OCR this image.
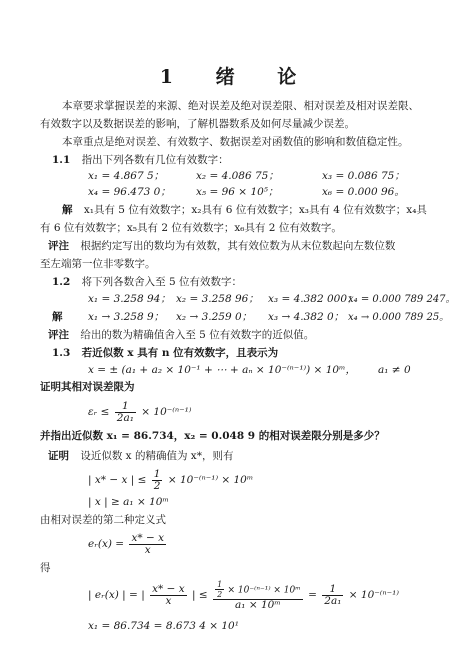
1 绪 论
本章要求掌握误差的来源、绝对误差及绝对误差限、相对误差及相对误差限、
有效数字以及数据误差的影响，了解机器数系及如何尽量减少误差。
本章重点是绝对误差、有效数字、数据误差对函数值的影响和数值稳定性。
1.1 指出下列各数有几位有效数字：
x₁ = 4.867 5；	x₂ = 4.086 75；	x₃ = 0.086 75；
x₄ = 96.473 0； x₅ = 96 × 10⁵；	x₆ = 0.000 96。
解 x₁具有 5 位有效数字；x₂具有 6 位有效数字；x₃具有 4 位有效数字；x₄具
有 6 位有效数字；x₅具有 2 位有效数字；x₆具有 2 位有效数字。
评注 根据约定写出的数均为有效数，其有效位数为从末位数起向左数位数
至左端第一位非零数字。
1.2 将下列各数舍入至 5 位有效数字：
x₁ = 3.258 94； x₂ = 3.258 96； x₃ = 4.382 000；
x₄ = 0.000 789 247。
解 x₁ → 3.258 9； x₂ → 3.259 0； x₃ → 4.382 0； x₄ → 0.000 789 25。
评注 给出的数为精确值舍入至 5 位有效数字的近似值。
1.3 若近似数 x 具有 n 位有效数字，且表示为
x = ± (a₁ + a₂ × 10⁻¹ + ⋯ + aₙ × 10⁻⁽ⁿ⁻¹⁾) × 10ᵐ， a₁ ≠ 0
证明其相对误差限为
εᵣ ≤ $\frac{1}{\text{2a₁}} \times 10^{-(n-1)}$
并指出近似数 x₁ = 86.734，x₂ = 0.048 9 的相对误差限分别是多少？
证明 设近似数 x 的精确值为 x*，则有
| x* − x | ≤ $\frac{1}{2} \times 10^{-(n-1)}$ × 10ᵐ
| x | ≥ a₁ × 10ᵐ
由相对误差的第二种定义式
eᵣ(x) = $\frac{x* - x}{x}$
得
| eᵣ(x) | = | $\frac{x* - x}{x}$ | ≤ $\frac{\frac{1}{2} \times 10^{-(n-1)} \times 10ᵐ}{\text{a₁ × 10ᵐ}} = \frac{1}{\text{2a₁}} \times 10^{-(n-1)}$
x₁ = 86.734 = 8.673 4 × 10¹
